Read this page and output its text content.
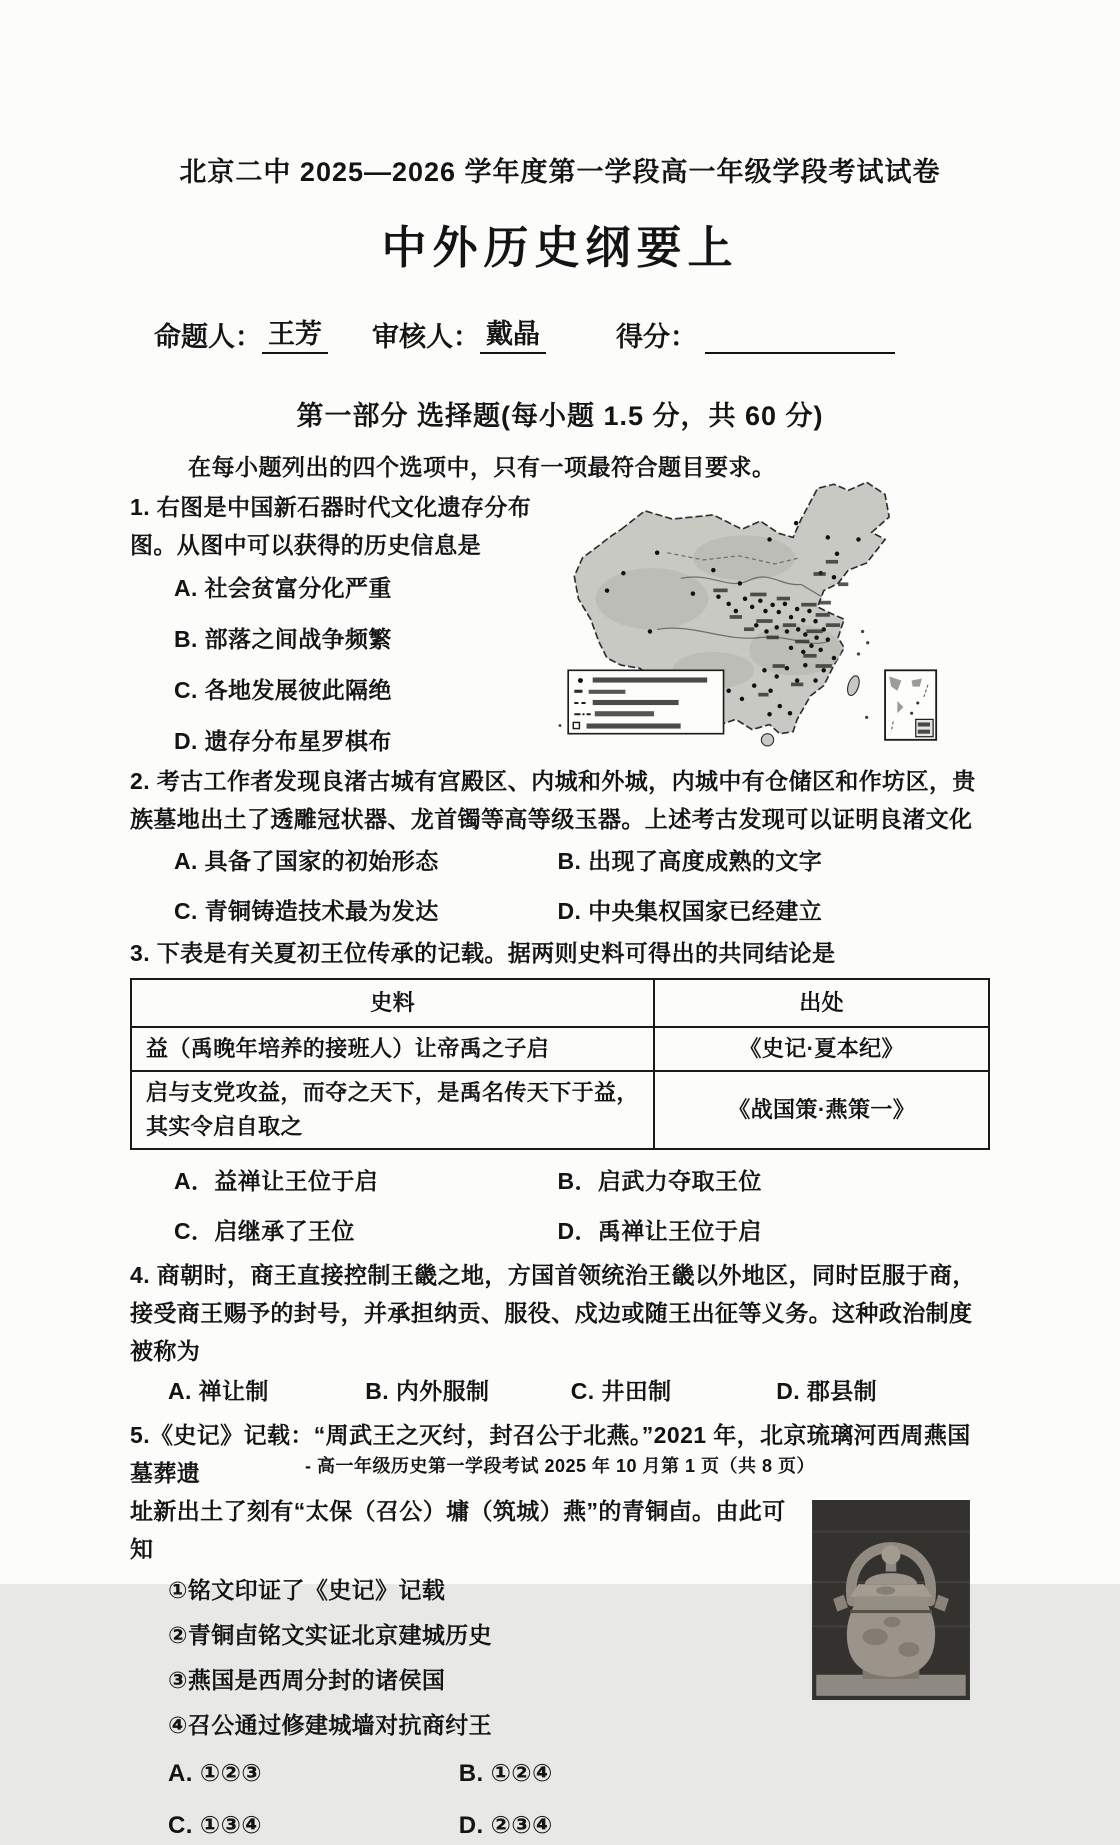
北京二中 2025—2026 学年度第一学段高一年级学段考试试卷
中外历史纲要上
命题人： 王芳 审核人： 戴晶	得分：
第一部分 选择题(每小题 1.5 分，共 60 分)
在每小题列出的四个选项中，只有一项最符合题目要求。
1. 右图是中国新石器时代文化遗存分布图。从图中可以获得的历史信息是
A. 社会贫富分化严重
B. 部落之间战争频繁
C. 各地发展彼此隔绝
D. 遗存分布星罗棋布
2. 考古工作者发现良渚古城有宫殿区、内城和外城，内城中有仓储区和作坊区，贵族墓地出土了透雕冠状器、龙首镯等高等级玉器。上述考古发现可以证明良渚文化
A. 具备了国家的初始形态	B. 出现了高度成熟的文字
C. 青铜铸造技术最为发达	D. 中央集权国家已经建立
3. 下表是有关夏初王位传承的记载。据两则史料可得出的共同结论是
史料	出处
益（禹晚年培养的接班人）让帝禹之子启	《史记·夏本纪》
启与支党攻益，而夺之天下，是禹名传天下于益，其实令启自取之	《战国策·燕策一》
A．益禅让王位于启	B．启武力夺取王位
C．启继承了王位	D．禹禅让王位于启
4. 商朝时，商王直接控制王畿之地，方国首领统治王畿以外地区，同时臣服于商，接受商王赐予的封号，并承担纳贡、服役、戍边或随王出征等义务。这种政治制度被称为
A. 禅让制	B. 内外服制	C. 井田制	D. 郡县制
5.《史记》记载：“周武王之灭纣，封召公于北燕。”2021 年，北京琉璃河西周燕国墓葬遗
址新出土了刻有“太保（召公）墉（筑城）燕”的青铜卣。由此可知
①铭文印证了《史记》记载
②青铜卣铭文实证北京建城历史
③燕国是西周分封的诸侯国
④召公通过修建城墙对抗商纣王
A. ①②③	B. ①②④
C. ①③④	D. ②③④
- 高一年级历史第一学段考试 2025 年 10 月第 1 页（共 8 页）
